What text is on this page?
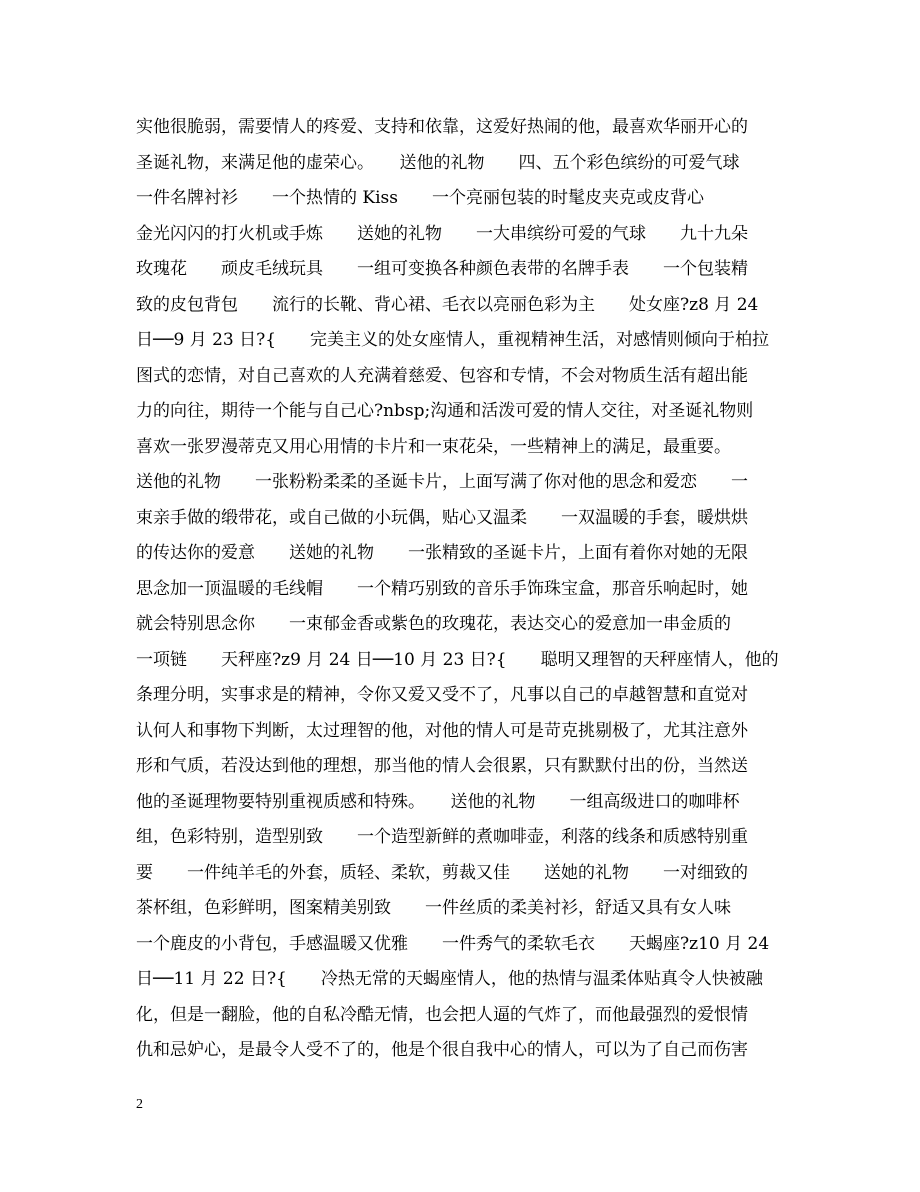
实他很脆弱，需要情人的疼爱、支持和依靠，这爱好热闹的他，最喜欢华丽开心的
圣诞礼物，来满足他的虚荣心。　　送他的礼物　　四、五个彩色缤纷的可爱气球
一件名牌衬衫　　一个热情的 Kiss　　一个亮丽包装的时髦皮夹克或皮背心
金光闪闪的打火机或手炼　　送她的礼物　　一大串缤纷可爱的气球　　九十九朵
玫瑰花　　顽皮毛绒玩具　　一组可变换各种颜色表带的名牌手表　　一个包装精
致的皮包背包　　流行的长靴、背心裙、毛衣以亮丽色彩为主　　处女座?z8 月 24
日──9 月 23 日?{　　完美主义的处女座情人，重视精神生活，对感情则倾向于柏拉
图式的恋情，对自己喜欢的人充满着慈爱、包容和专情，不会对物质生活有超出能
力的向往，期待一个能与自己心?nbsp;沟通和活泼可爱的情人交往，对圣诞礼物则
喜欢一张罗漫蒂克又用心用情的卡片和一束花朵，一些精神上的满足，最重要。
送他的礼物　　一张粉粉柔柔的圣诞卡片，上面写满了你对他的思念和爱恋　　一
束亲手做的缎带花，或自己做的小玩偶，贴心又温柔　　一双温暖的手套，暖烘烘
的传达你的爱意　　送她的礼物　　一张精致的圣诞卡片，上面有着你对她的无限
思念加一顶温暖的毛线帽　　一个精巧别致的音乐手饰珠宝盒，那音乐响起时，她
就会特别思念你　　一束郁金香或紫色的玫瑰花，表达交心的爱意加一串金质的
一项链　　天秤座?z9 月 24 日──10 月 23 日?{　　聪明又理智的天秤座情人，他的
条理分明，实事求是的精神，令你又爱又受不了，凡事以自己的卓越智慧和直觉对
认何人和事物下判断，太过理智的他，对他的情人可是苛克挑剔极了，尤其注意外
形和气质，若没达到他的理想，那当他的情人会很累，只有默默付出的份，当然送
他的圣诞理物要特别重视质感和特殊。　　送他的礼物　　一组高级进口的咖啡杯
组，色彩特别，造型别致　　一个造型新鲜的煮咖啡壶，利落的线条和质感特别重
要　　一件纯羊毛的外套，质轻、柔软，剪裁又佳　　送她的礼物　　一对细致的
茶杯组，色彩鲜明，图案精美别致　　一件丝质的柔美衬衫，舒适又具有女人味
一个鹿皮的小背包，手感温暖又优雅　　一件秀气的柔软毛衣　　天蝎座?z10 月 24
日──11 月 22 日?{　　冷热无常的天蝎座情人，他的热情与温柔体贴真令人快被融
化，但是一翻脸，他的自私冷酷无情，也会把人逼的气炸了，而他最强烈的爱恨情
仇和忌妒心，是最令人受不了的，他是个很自我中心的情人，可以为了自己而伤害
2
